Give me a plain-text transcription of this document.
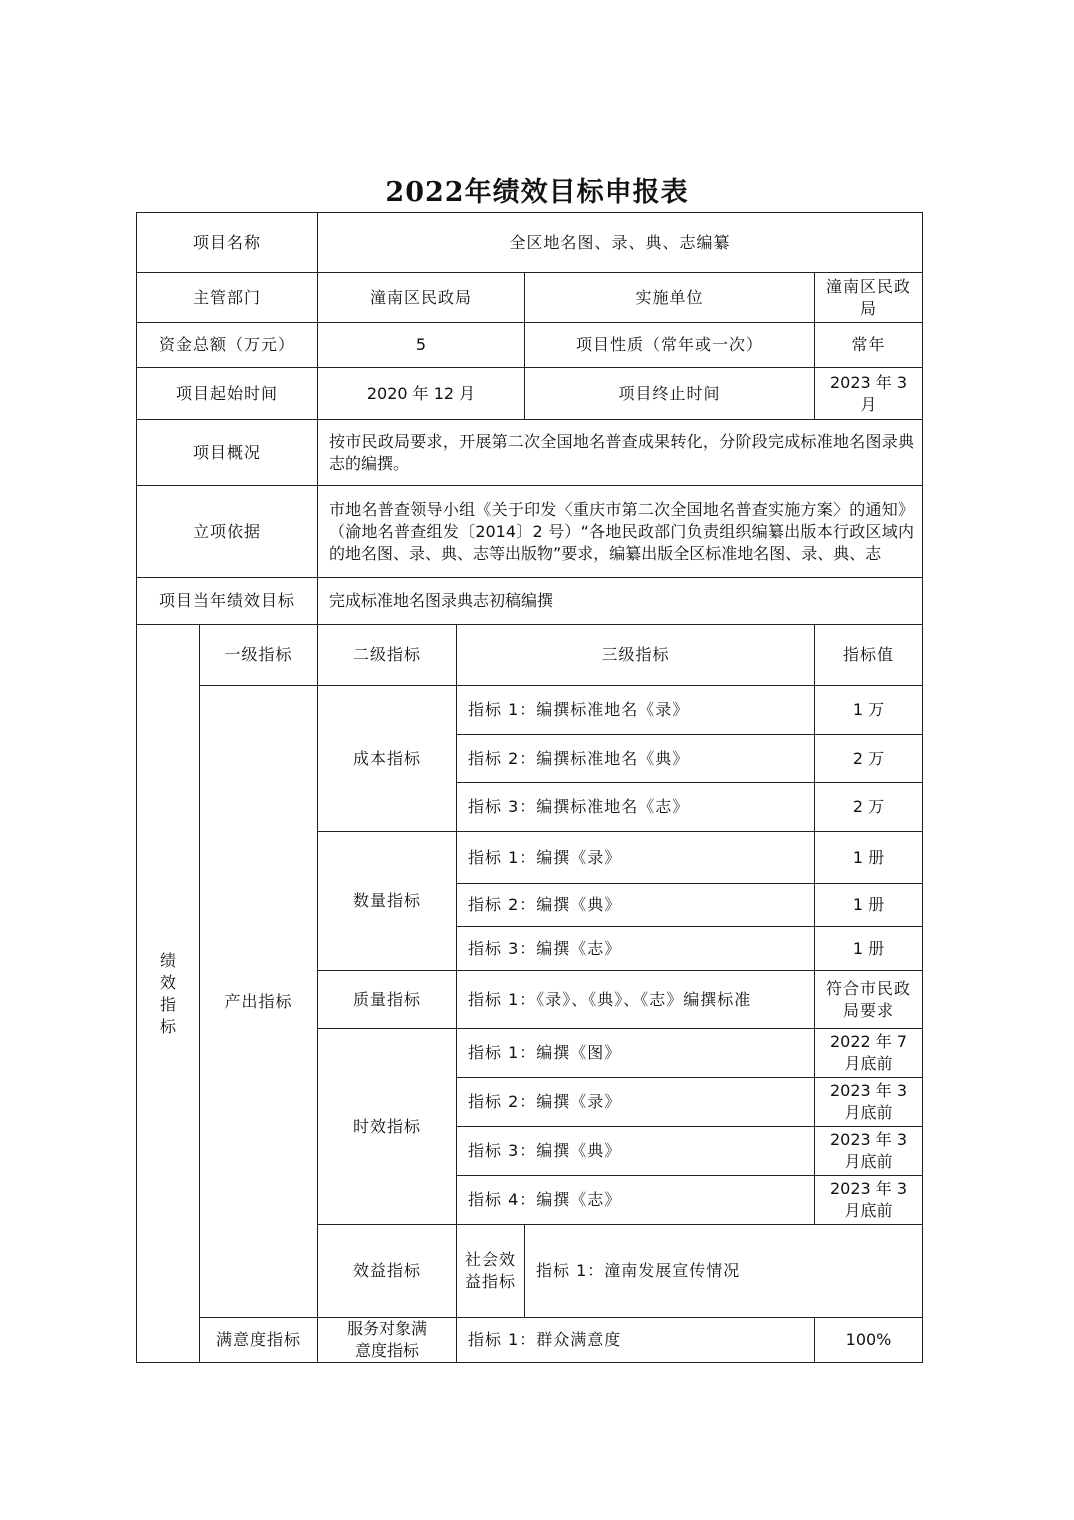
2022年绩效目标申报表
项目名称		全区地名图、录、典、志编纂				
主管部门		潼南区民政局		实施单位	潼南区民政局	
资金总额（万元）		5		项目性质（常年或一次）	常年	
项目起始时间		2020 年 12 月		项目终止时间	2023 年 3 月	
项目概况		按市民政局要求，开展第二次全国地名普查成果转化，分阶段完成标准地名图录典志的编撰。				
立项依据		市地名普查领导小组《关于印发〈重庆市第二次全国地名普查实施方案〉的通知》（渝地名普查组发〔2014〕2 号）“各地民政部门负责组织编纂出版本行政区域内的地名图、录、典、志等出版物”要求，编纂出版全区标准地名图、录、典、志				
项目当年绩效目标		完成标准地名图录典志初稿编撰				

绩效指标	一级指标	二级指标	三级指标		指标值	
	产出指标	成本指标	指标 1：编撰标准地名《录》		1 万	
			指标 2：编撰标准地名《典》		2 万	
			指标 3：编撰标准地名《志》		2 万	
		数量指标	指标 1：编撰《录》		1 册	
			指标 2：编撰《典》		1 册	
			指标 3：编撰《志》		1 册	
		质量指标	指标 1：《录》、《典》、《志》编撰标准		符合市民政局要求	
		时效指标	指标 1：编撰《图》		2022 年 7 月底前	
			指标 2：编撰《录》		2023 年 3 月底前	
			指标 3：编撰《典》		2023 年 3 月底前	
			指标 4：编撰《志》		2023 年 3 月底前	
		效益指标	社会效益指标	指标 1：潼南发展宣传情况	
	满意度指标	服务对象满意度指标	指标 1：群众满意度		100%	
